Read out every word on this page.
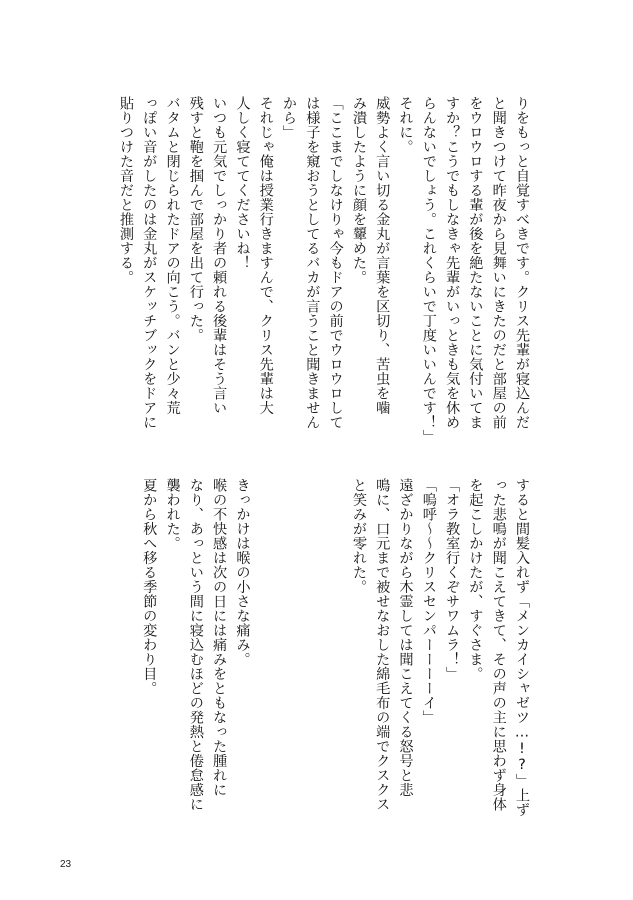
りをもっと自覚すべきです。クリス先輩が寝込んだ
と聞きつけて昨夜から見舞いにきたのだと部屋の前
をウロウロする輩が後を絶たないことに気付いてま
すか？こうでもしなきゃ先輩がいっときも気を休め
らんないでしょう。これくらいで丁度いいんです！」
それに。
威勢よく言い切る金丸が言葉を区切り、苦虫を噛
み潰したように顔を顰めた。
「ここまでしなけりゃ今もドアの前でウロウロして
は様子を窺おうとしてるバカが言うこと聞きません
から」
それじゃ俺は授業行きますんで、クリス先輩は大
人しく寝ててくださいね！
いつも元気でしっかり者の頼れる後輩はそう言い
残すと鞄を掴んで部屋を出て行った。
バタムと閉じられたドアの向こう。バンと少々荒
っぽい音がしたのは金丸がスケッチブックをドアに
貼りつけた音だと推測する。
すると間髪入れず「メンカイシャゼツ…!?」上ず
った悲鳴が聞こえてきて、その声の主に思わず身体
を起こしかけたが、すぐさま。
「オラ教室行くぞサワムラ！」
「嗚呼〜〜クリスセンパーーーーイ」
遠ざかりながら木霊しては聞こえてくる怒号と悲
鳴に、口元まで被せなおした綿毛布の端でクスクス
と笑みが零れた。
きっかけは喉の小さな痛み。
喉の不快感は次の日には痛みをともなった腫れに
なり、あっという間に寝込むほどの発熱と倦怠感に
襲われた。
夏から秋へ移る季節の変わり目。
23
